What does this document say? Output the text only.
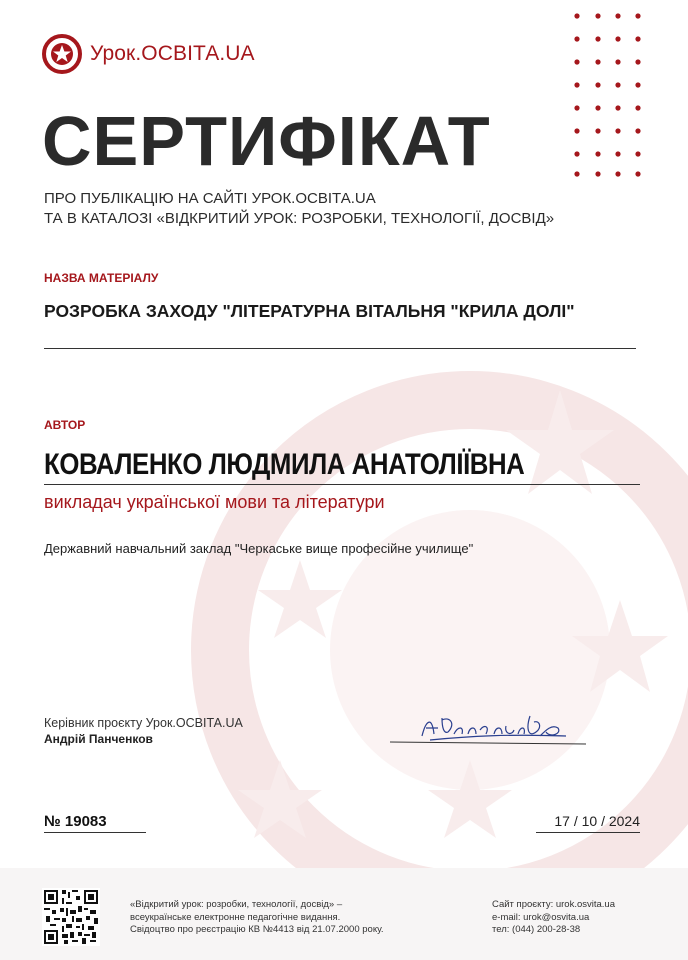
Урок.ОСВІТА.UA
СЕРТИФІКАТ
ПРО ПУБЛІКАЦІЮ НА САЙТІ УРОК.ОСВІТА.UA
ТА В КАТАЛОЗІ «ВІДКРИТИЙ УРОК: РОЗРОБКИ, ТЕХНОЛОГІЇ, ДОСВІД»
НАЗВА МАТЕРІАЛУ
РОЗРОБКА ЗАХОДУ "ЛІТЕРАТУРНА ВІТАЛЬНЯ "КРИЛА ДОЛІ"
АВТОР
КОВАЛЕНКО ЛЮДМИЛА АНАТОЛІЇВНА
викладач української мови та літератури
Державний навчальний заклад "Черкаське вище професійне училище"
Керівник проєкту Урок.ОСВІТА.UA
Андрій Панченков
№ 19083	17 / 10 / 2024
«Відкритий урок: розробки, технології, досвід» –
всеукраїнське електронне педагогічне видання.
Свідоцтво про реєстрацію КВ №4413 від 21.07.2000 року.
Сайт проєкту: urok.osvita.ua
e-mail: urok@osvita.ua
тел: (044) 200-28-38
